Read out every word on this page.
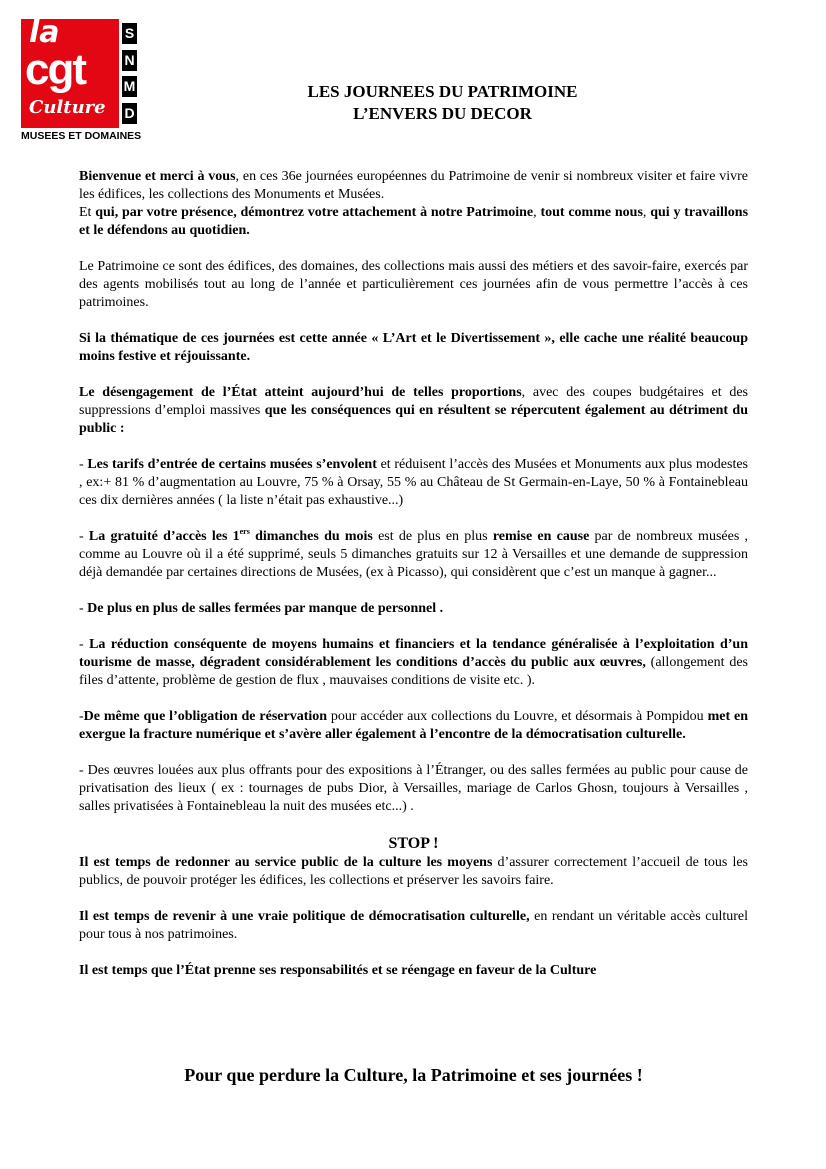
la
cgt
Culture
S
N
M
D
MUSEES ET DOMAINES
LES JOURNEES DU PATRIMOINE
L’ENVERS DU DECOR

Bienvenue et merci à vous, en ces 36e journées européennes du Patrimoine de venir si nombreux visiter et faire vivre les édifices, les collections des Monuments et Musées.
Et qui, par votre présence, démontrez votre attachement à notre Patrimoine, tout comme nous, qui y travaillons et le défendons au quotidien.

Le Patrimoine ce sont des édifices, des domaines, des collections mais aussi des métiers et des savoir-faire, exercés par des agents mobilisés tout au long de l’année et particulièrement ces journées afin de vous permettre l’accès à ces patrimoines.

Si la thématique de ces journées est cette année « L’Art et le Divertissement », elle cache une réalité beaucoup moins festive et réjouissante.

Le désengagement de l’État atteint aujourd’hui de telles proportions, avec des coupes budgétaires et des suppressions d’emploi massives que les conséquences qui en résultent se répercutent également au détriment du public :

- Les tarifs d’entrée de certains musées s’envolent et réduisent l’accès des Musées et Monuments aux plus modestes , ex:+ 81 % d’augmentation au Louvre, 75 % à Orsay, 55 % au Château de St Germain-en-Laye, 50 % à Fontainebleau ces dix dernières années ( la liste n’était pas exhaustive...)

- La gratuité d’accès les 1ers dimanches du mois est de plus en plus remise en cause par de nombreux musées , comme au Louvre où il a été supprimé, seuls 5 dimanches gratuits sur 12 à Versailles et une demande de suppression déjà demandée par certaines directions de Musées, (ex à Picasso), qui considèrent que c’est un manque à gagner...

- De plus en plus de salles fermées par manque de personnel .

- La réduction conséquente de moyens humains et financiers et la tendance généralisée à l’exploitation d’un tourisme de masse, dégradent considérablement les conditions d’accès du public aux œuvres, (allongement des files d’attente, problème de gestion de flux , mauvaises conditions de visite etc. ).

-De même que l’obligation de réservation pour accéder aux collections du Louvre, et désormais à Pompidou met en exergue la fracture numérique et s’avère aller également à l’encontre de la démocratisation culturelle.

- Des œuvres louées aux plus offrants pour des expositions à l’Étranger, ou des salles fermées au public pour cause de privatisation des lieux ( ex : tournages de pubs Dior, à Versailles, mariage de Carlos Ghosn, toujours à Versailles , salles privatisées à Fontainebleau la nuit des musées etc...) .

STOP !

Il est temps de redonner au service public de la culture les moyens d’assurer correctement l’accueil de tous les publics, de pouvoir protéger les édifices, les collections et préserver les savoirs faire.

Il est temps de revenir à une vraie politique de démocratisation culturelle, en rendant un véritable accès culturel pour tous à nos patrimoines.

Il est temps que l’État prenne ses responsabilités et se réengage en faveur de la Culture

Pour que perdure la Culture, la Patrimoine et ses journées !
